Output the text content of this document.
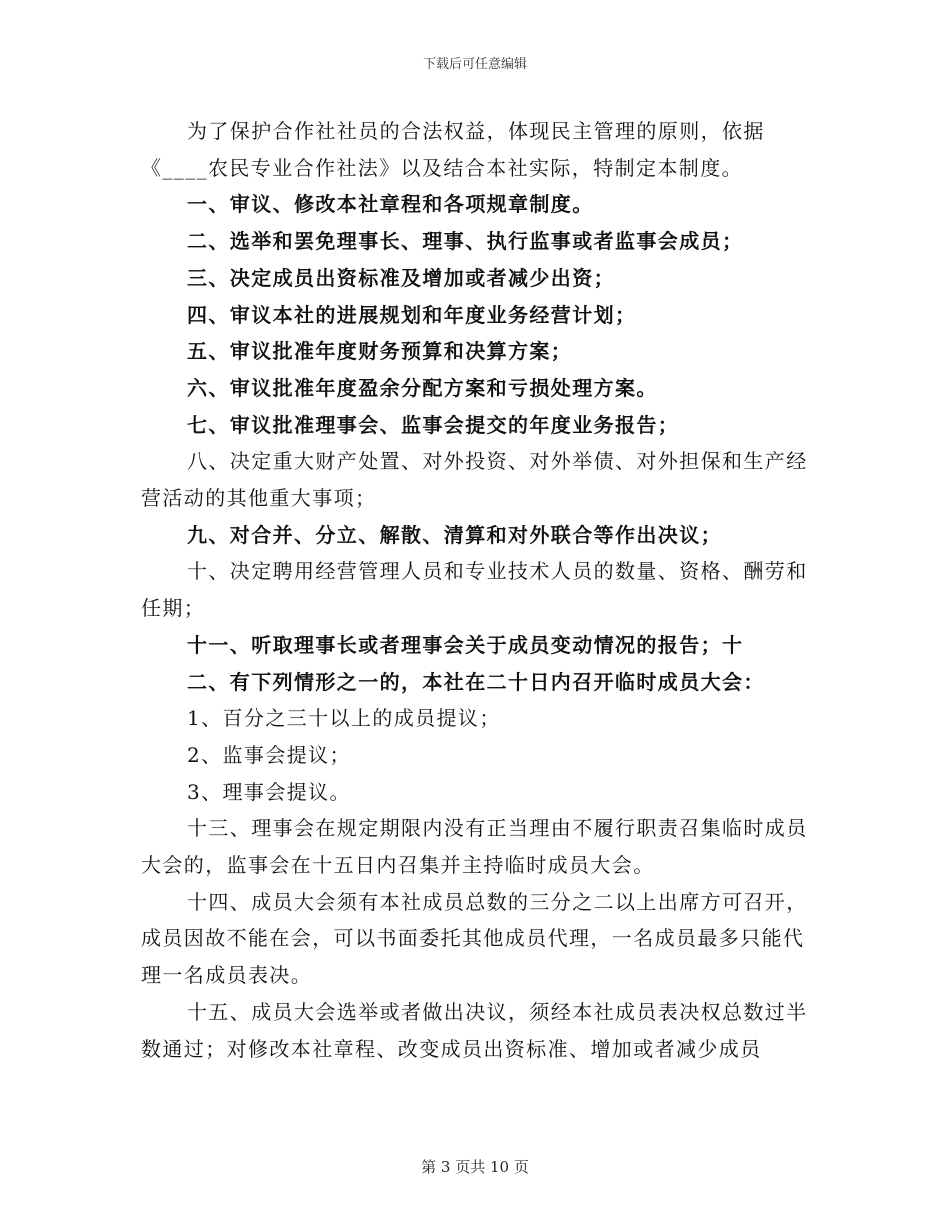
下载后可任意编辑

为了保护合作社社员的合法权益，体现民主管理的原则，依据《____农民专业合作社法》以及结合本社实际，特制定本制度。

一、审议、修改本社章程和各项规章制度。

二、选举和罢免理事长、理事、执行监事或者监事会成员；

三、决定成员出资标准及增加或者减少出资；

四、审议本社的进展规划和年度业务经营计划；

五、审议批准年度财务预算和决算方案；

六、审议批准年度盈余分配方案和亏损处理方案。

七、审议批准理事会、监事会提交的年度业务报告；

八、决定重大财产处置、对外投资、对外举债、对外担保和生产经营活动的其他重大事项；

九、对合并、分立、解散、清算和对外联合等作出决议；

十、决定聘用经营管理人员和专业技术人员的数量、资格、酬劳和任期；

十一、听取理事长或者理事会关于成员变动情况的报告；十

二、有下列情形之一的，本社在二十日内召开临时成员大会：

1、百分之三十以上的成员提议；

2、监事会提议；

3、理事会提议。

十三、理事会在规定期限内没有正当理由不履行职责召集临时成员大会的，监事会在十五日内召集并主持临时成员大会。

十四、成员大会须有本社成员总数的三分之二以上出席方可召开，成员因故不能在会，可以书面委托其他成员代理，一名成员最多只能代理一名成员表决。

十五、成员大会选举或者做出决议，须经本社成员表决权总数过半数通过；对修改本社章程、改变成员出资标准、增加或者减少成员

第 3 页共 10 页
